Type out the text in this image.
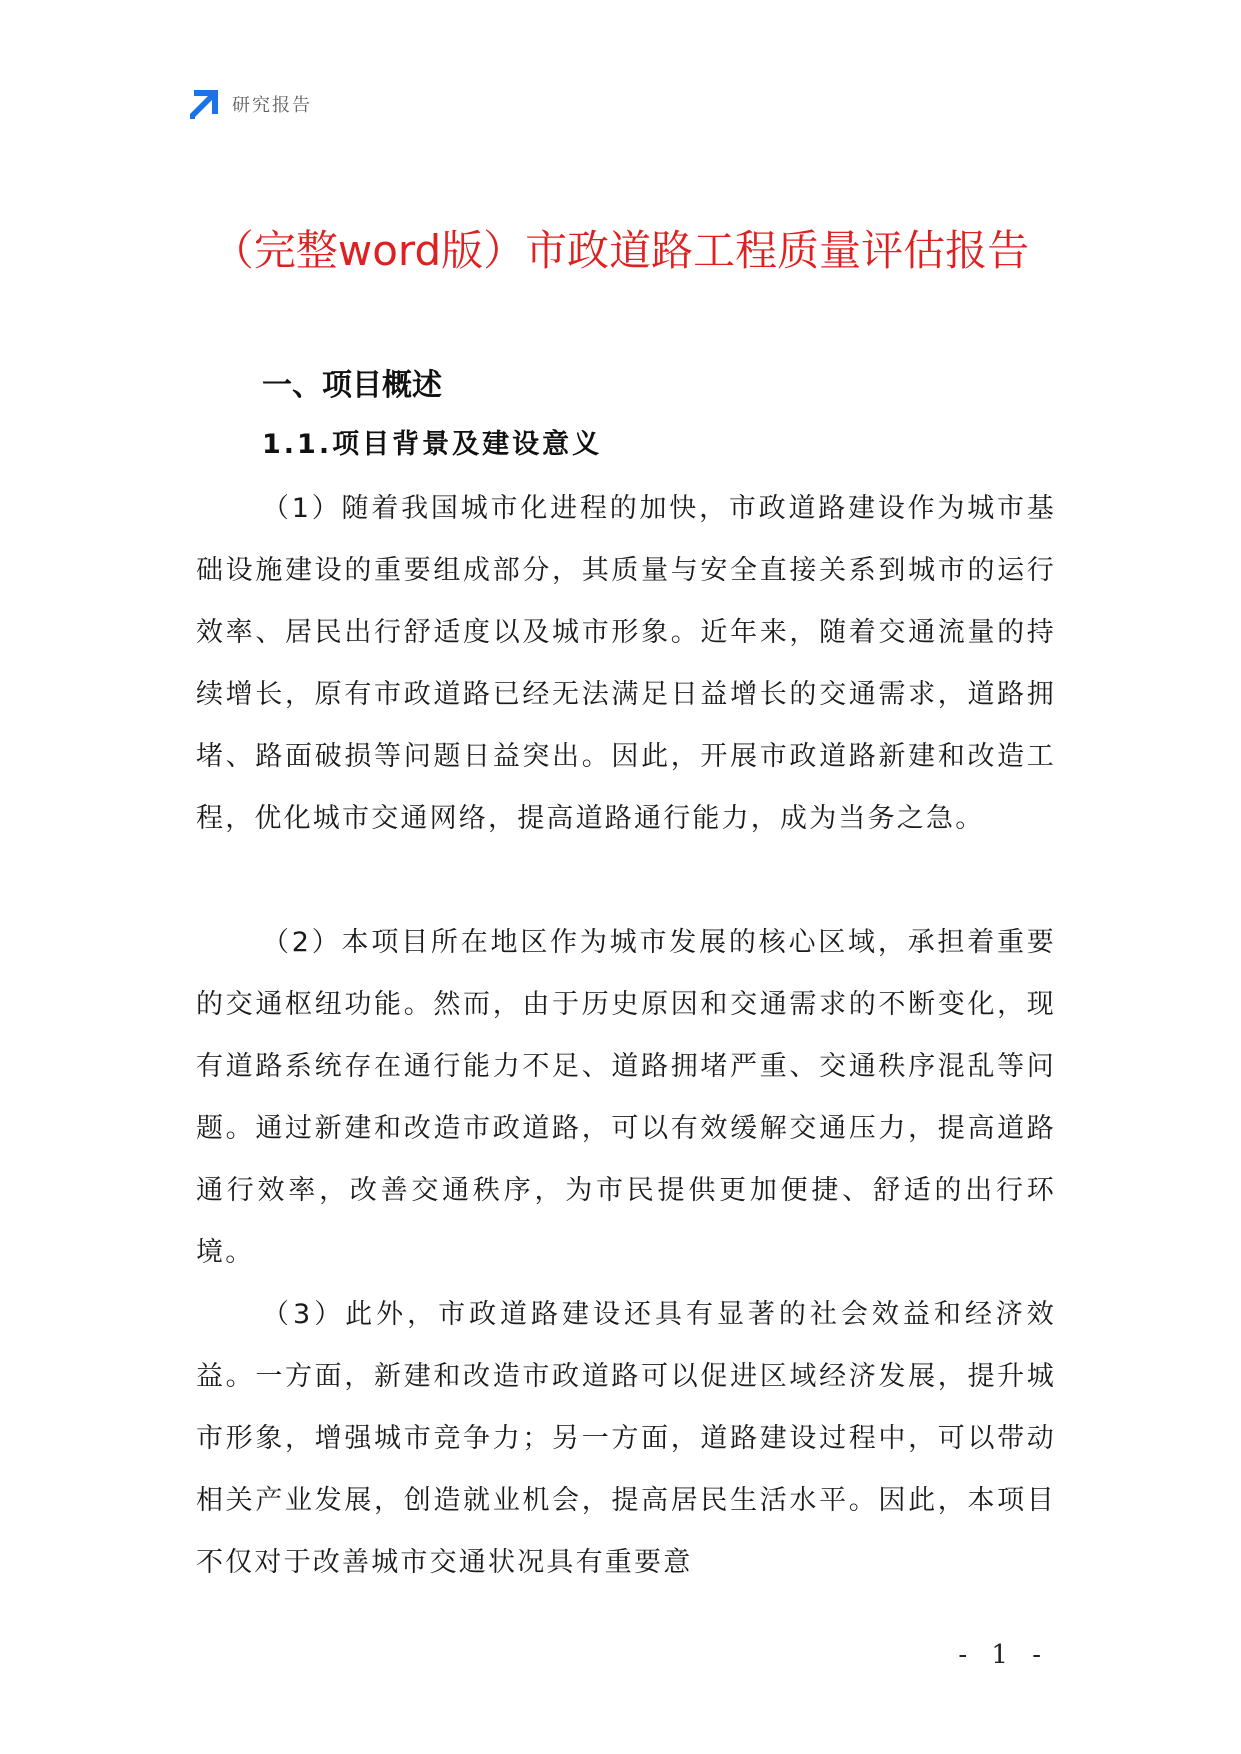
研究报告
（完整word版）市政道路工程质量评估报告
一、项目概述
1.1.项目背景及建设意义

（1）随着我国城市化进程的加快，市政道路建设作为城市基础设施建设的重要组成部分，其质量与安全直接关系到城市的运行效率、居民出行舒适度以及城市形象。近年来，随着交通流量的持续增长，原有市政道路已经无法满足日益增长的交通需求，道路拥堵、路面破损等问题日益突出。因此，开展市政道路新建和改造工程，优化城市交通网络，提高道路通行能力，成为当务之急。

（2）本项目所在地区作为城市发展的核心区域，承担着重要的交通枢纽功能。然而，由于历史原因和交通需求的不断变化，现有道路系统存在通行能力不足、道路拥堵严重、交通秩序混乱等问题。通过新建和改造市政道路，可以有效缓解交通压力，提高道路通行效率，改善交通秩序，为市民提供更加便捷、舒适的出行环境。

（3）此外，市政道路建设还具有显著的社会效益和经济效益。一方面，新建和改造市政道路可以促进区域经济发展，提升城市形象，增强城市竞争力；另一方面，道路建设过程中，可以带动相关产业发展，创造就业机会，提高居民生活水平。因此，本项目不仅对于改善城市交通状况具有重要意

- 1 -
